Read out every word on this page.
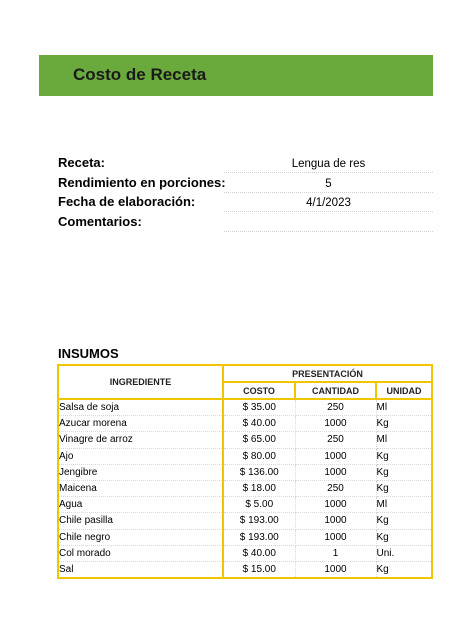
Costo de Receta
Receta:	Lengua de res
Rendimiento en porciones:	5
Fecha de elaboración:	4/1/2023
Comentarios:
INSUMOS
INGREDIENTE	PRESENTACIÓN		
	COSTO	CANTIDAD	UNIDAD
Salsa de soja	$ 35.00	250	Ml
Azucar morena	$ 40.00	1000	Kg
Vinagre de arroz	$ 65.00	250	Ml
Ajo	$ 80.00	1000	Kg
Jengibre	$ 136.00	1000	Kg
Maicena	$ 18.00	250	Kg
Agua	$ 5.00	1000	Ml
Chile pasilla	$ 193.00	1000	Kg
Chile negro	$ 193.00	1000	Kg
Col morado	$ 40.00	1	Uni.
Sal	$ 15.00	1000	Kg
